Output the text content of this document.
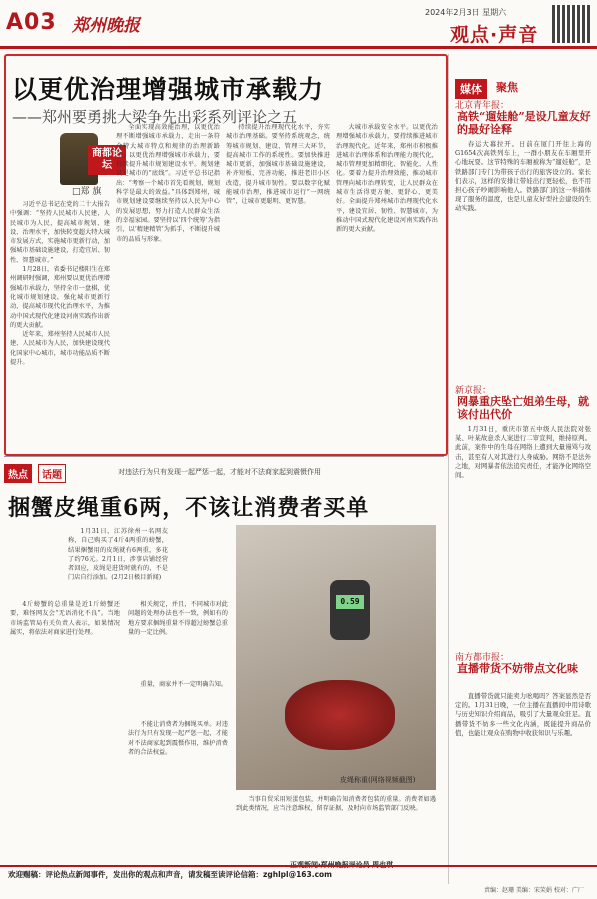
A03 郑州晚报
2024年2月3日 星期六
观点·声音
以更优治理增强城市承载力
——郑州要勇挑大梁争先出彩系列评论之五
商都论坛
□郑 旗

习近平总书记在党的二十大报告中强调：“坚持人民城市人民建，人民城市为人民，提高城市规划、建设、治理水平，加快转变超大特大城市发展方式，实施城市更新行动，加强城市基础设施建设，打造宜居、韧性、智慧城市。”

1月28日，省委书记楼阳生在郑州调研时强调，郑州要以更优治理增强城市承载力，坚持全市一盘棋，优化城市规划建设，强化城市更新行动，提高城市现代化治理水平，为推动中国式现代化建设河南实践作出新的更大贡献。

近年来，郑州坚持人民城市人民建、人民城市为人民，加快建设现代化国家中心城市，城市功能品质不断提升。

全面实现高效能治理，以更优治理不断增强城市承载力，走出一条符合特大城市特点和规律的治理新路子。以更优治理增强城市承载力，要持续提升城市规划建设水平。规划建设是城市的“底线”。习近平总书记指出：“考察一个城市首先看规划，规划科学是最大的效益。”具体到郑州，城市规划建设要继续坚持以人民为中心的发展思想，努力打造人民群众生活的幸福家园。要坚持以‘四个统筹’为指引，以‘精建精管’为抓手，不断提升城市的品质与形象。

持续提升治理现代化水平，夯实城市治理基础。要坚持系统观念，统筹城市规划、建设、管理三大环节，提高城市工作的系统性。要加快推进城市更新，加强城市基础设施建设，补齐短板，完善功能，推进老旧小区改造，提升城市韧性。要以数字化赋能城市治理，推进城市运行“一网统管”，让城市更聪明、更智慧。

大城市承载安全水平。以更优治理增强城市承载力，要持续推进城市治理现代化。近年来，郑州市积极推进城市治理体系和治理能力现代化，城市管理更加精细化、智能化、人性化。要着力提升治理效能，推动城市管理向城市治理转变，让人民群众在城市生活得更方便、更舒心、更美好。全面提升郑州城市治理现代化水平，建设宜居、韧性、智慧城市，为推动中国式现代化建设河南实践作出新的更大贡献。

热点	话题	对违法行为只有发现一起严惩一起，才能对不法商家起到震慑作用
捆蟹皮绳重6两，不该让消费者买单

1月31日，江苏徐州一名网友称，自己购买了4斤4两重的螃蟹，结果捆蟹用的皮绳就有6两重，多花了约76元。2月1日，涉事店铺经营者回应，皮绳是进货时就有的，不是门店自行添加。(2月2日极目新闻)

4斤螃蟹的总重量是近1斤螃蟹还要，难怪网友会“无语消化不良”。当地市场监管局有关负责人表示，如果情况属实，将依法对商家进行处理。

相关规定，并且，不同城市对此问题的处理办法也不一致，例如有的地方要求捆绳重量不得超过螃蟹总重量的一定比例。

重量，商家并不一定明确告知。

不能让消费者为捆绳买单。对违法行为只有发现一起严惩一起，才能对不法商家起到震慑作用，维护消费者的合法权益。

0.59
皮绳称重(网络视频截图)

当事自贸采用短蛋包装，并明确告知消费者包装的重量。消费者如遇到此类情况，应当注意维权，留存证据，及时向市场监管部门反映。

媒体	聚焦
北京青年报：
高铁“遛娃舱”是设几童友好的最好诠释

春运大幕拉开。日前在厦门开往上海的G1654次高铁列车上，一群小朋友在车厢里开心地玩耍。这节特殊的车厢被称为“遛娃舱”，是铁路部门专门为带孩子出行的旅客设立的。家长们表示，这样的安排让带娃出行更轻松，也不用担心孩子吵闹影响他人。铁路部门的这一举措体现了服务的温度，也是儿童友好型社会建设的生动实践。

新京报：
网暴重庆坠亡姐弟生母，就该付出代价

1月31日，重庆市第五中级人民法院对张某、叶某故意杀人案进行二审宣判，维持原判。此前，案件中的生母在网络上遭到大量谩骂与攻击，甚至有人对其进行人身威胁。网络不是法外之地，对网暴者依法追究责任，才能净化网络空间。

南方都市报：
直播带货不妨带点文化味

直播带货就只能卖力吆喝吗？答案显然是否定的。1月31日晚，一位主播在直播间中用诗歌与历史知识介绍商品，吸引了大量观众驻足。直播带货不妨多一些文化内涵，既能提升商品价值，也能让观众在购物中收获知识与乐趣。

欢迎赐稿：评论热点新闻事件，发出你的观点和声音，请发稿至读评论信箱：zghlpl@163.com
责编：赵珊 美编：宋笑娟 校对：广厂
